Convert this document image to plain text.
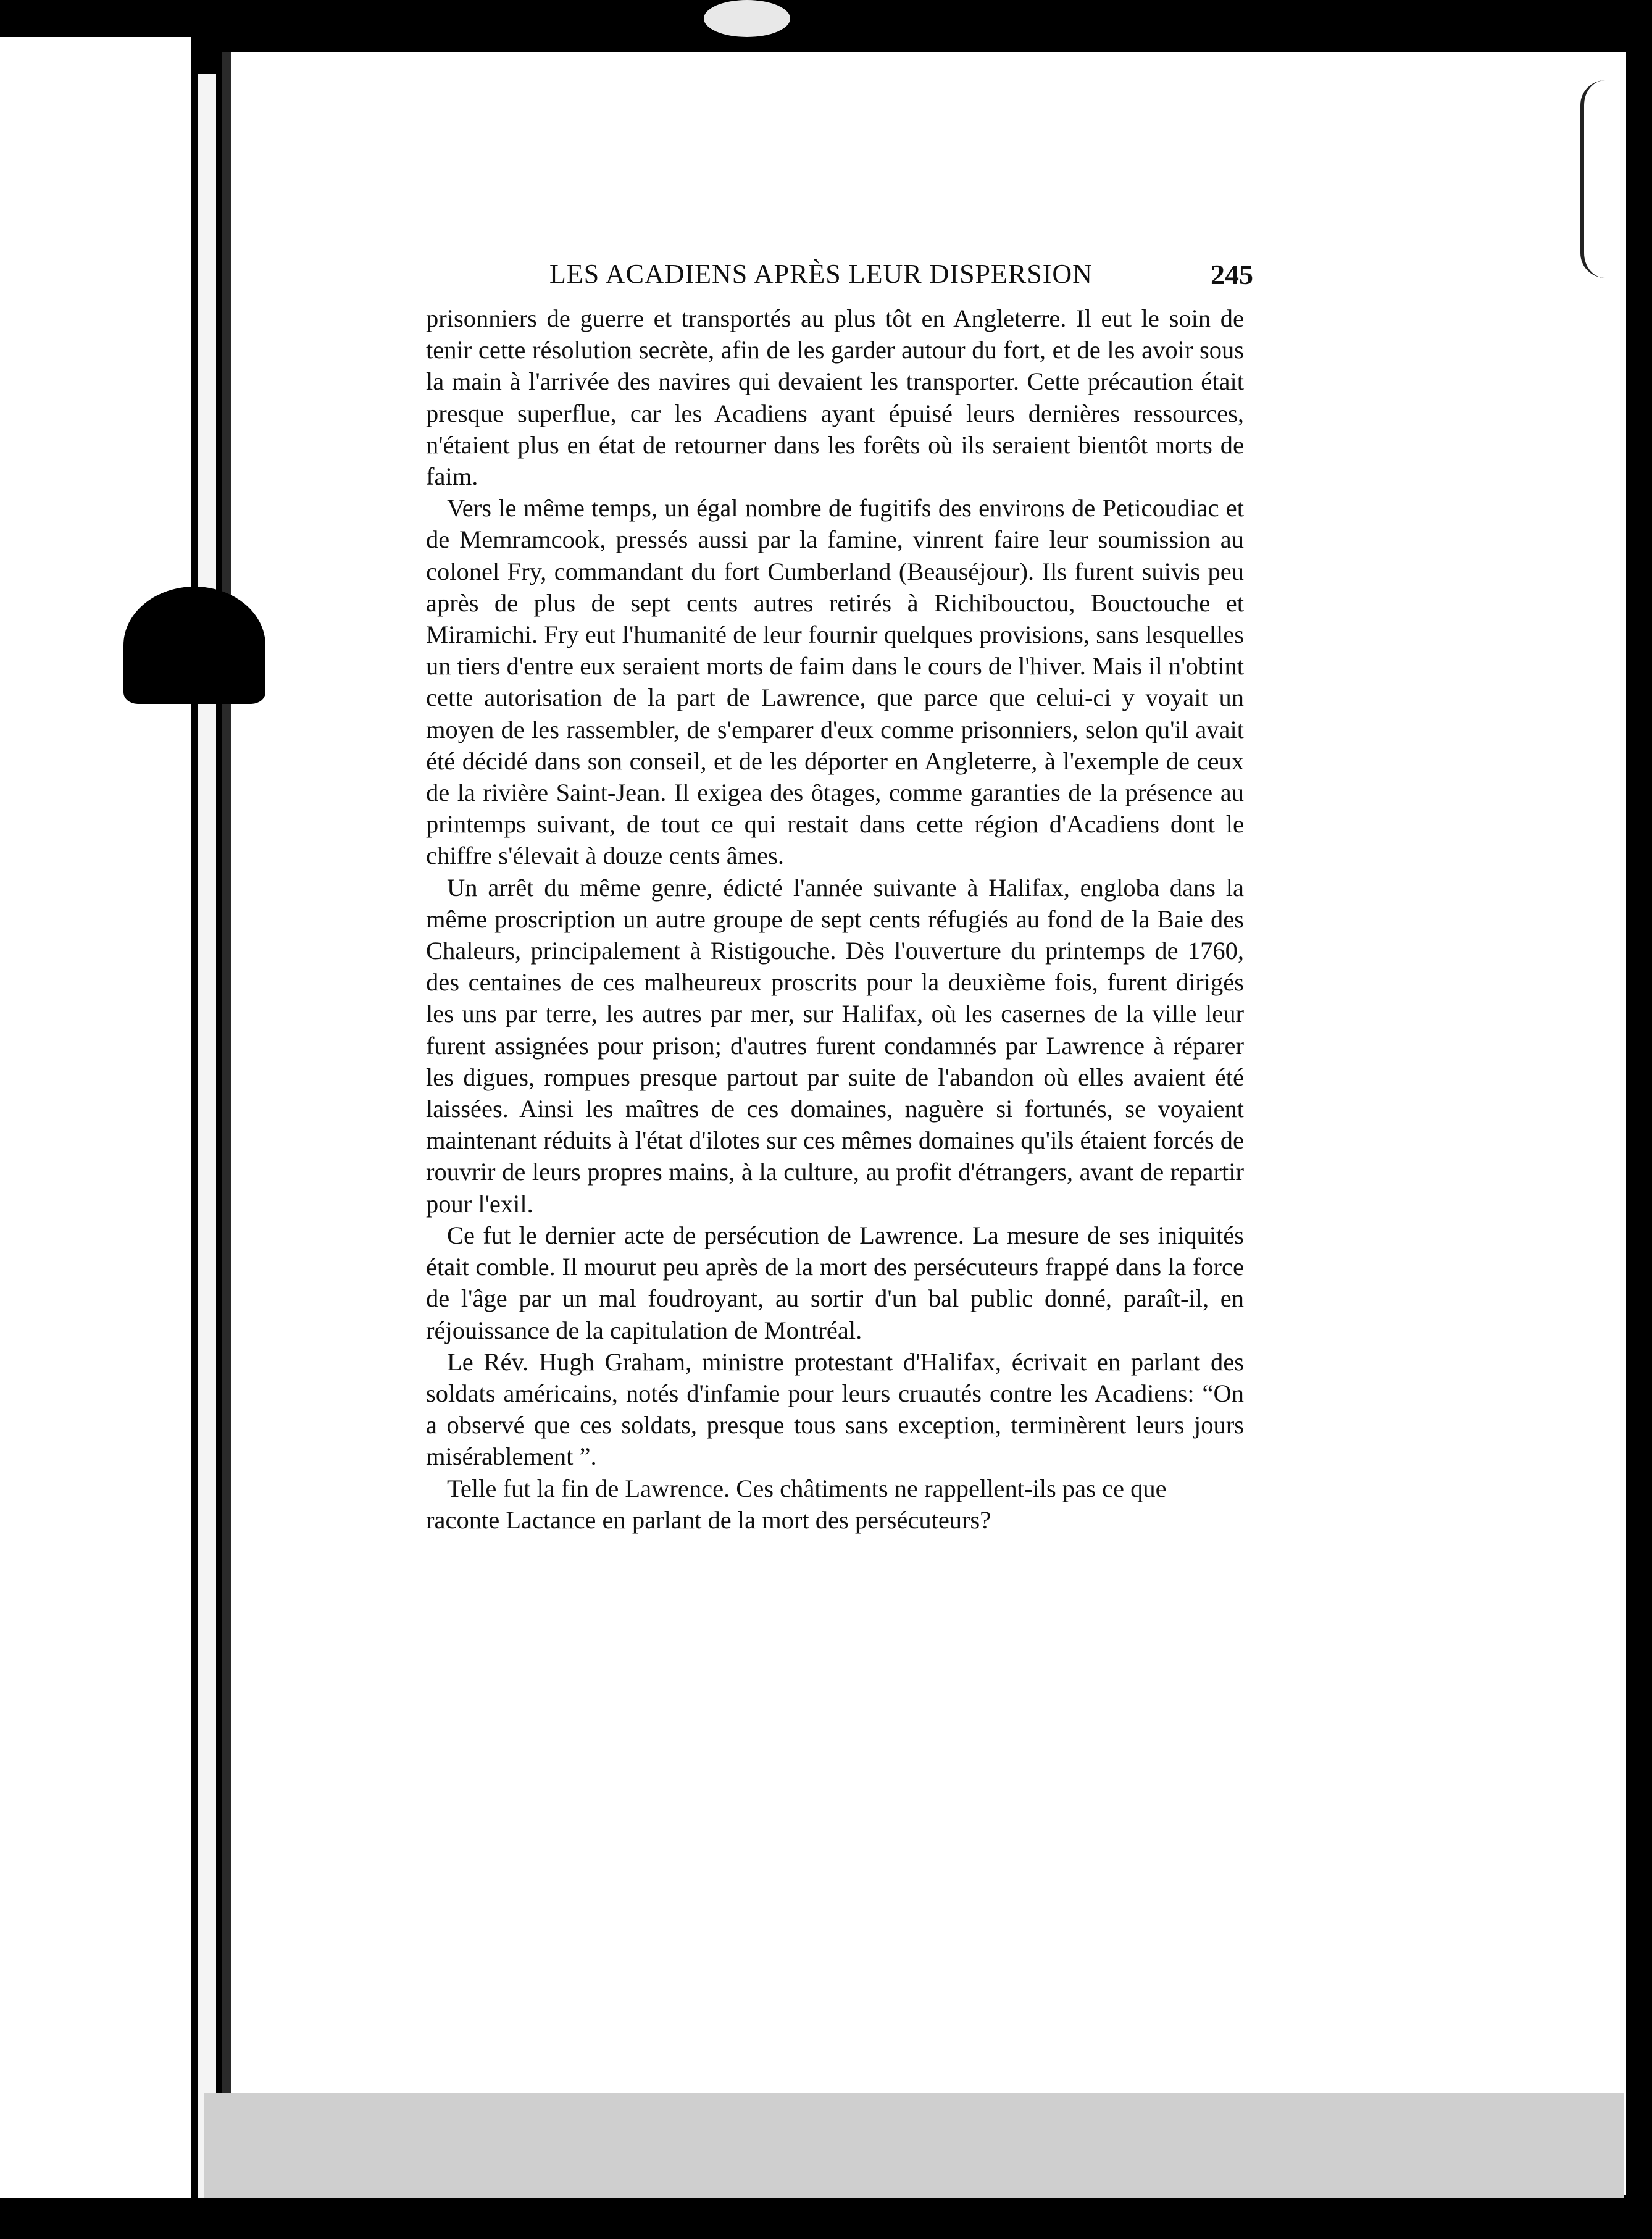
LES ACADIENS APRÈS LEUR DISPERSION	245

prisonniers de guerre et transportés au plus tôt en Angleterre. Il eut le soin de tenir cette résolution secrète, afin de les garder autour du fort, et de les avoir sous la main à l'arrivée des navires qui devaient les transporter. Cette précaution était presque superflue, car les Acadiens ayant épuisé leurs dernières ressources, n'étaient plus en état de retourner dans les forêts où ils seraient bientôt morts de faim.

Vers le même temps, un égal nombre de fugitifs des environs de Peticoudiac et de Memramcook, pressés aussi par la famine, vinrent faire leur soumission au colonel Fry, commandant du fort Cumberland (Beauséjour). Ils furent suivis peu après de plus de sept cents autres retirés à Richibouctou, Bouctouche et Miramichi. Fry eut l'humanité de leur fournir quelques provisions, sans lesquelles un tiers d'entre eux seraient morts de faim dans le cours de l'hiver. Mais il n'obtint cette autorisation de la part de Lawrence, que parce que celui-ci y voyait un moyen de les rassembler, de s'emparer d'eux comme prisonniers, selon qu'il avait été décidé dans son conseil, et de les déporter en Angleterre, à l'exemple de ceux de la rivière Saint-Jean. Il exigea des ôtages, comme garanties de la présence au printemps suivant, de tout ce qui restait dans cette région d'Acadiens dont le chiffre s'élevait à douze cents âmes.

Un arrêt du même genre, édicté l'année suivante à Halifax, engloba dans la même proscription un autre groupe de sept cents réfugiés au fond de la Baie des Chaleurs, principalement à Ristigouche. Dès l'ouverture du printemps de 1760, des centaines de ces malheureux proscrits pour la deuxième fois, furent dirigés les uns par terre, les autres par mer, sur Halifax, où les casernes de la ville leur furent assignées pour prison; d'autres furent condamnés par Lawrence à réparer les digues, rompues presque partout par suite de l'abandon où elles avaient été laissées. Ainsi les maîtres de ces domaines, naguère si fortunés, se voyaient maintenant réduits à l'état d'ilotes sur ces mêmes domaines qu'ils étaient forcés de rouvrir de leurs propres mains, à la culture, au profit d'étrangers, avant de repartir pour l'exil.

Ce fut le dernier acte de persécution de Lawrence. La mesure de ses iniquités était comble. Il mourut peu après de la mort des persécuteurs frappé dans la force de l'âge par un mal foudroyant, au sortir d'un bal public donné, paraît-il, en réjouissance de la capitulation de Montréal.

Le Rév. Hugh Graham, ministre protestant d'Halifax, écrivait en parlant des soldats américains, notés d'infamie pour leurs cruautés contre les Acadiens: “On a observé que ces soldats, presque tous sans exception, terminèrent leurs jours misérablement ”.

Telle fut la fin de Lawrence. Ces châtiments ne rappellent-ils pas ce que raconte Lactance en parlant de la mort des persécuteurs?
